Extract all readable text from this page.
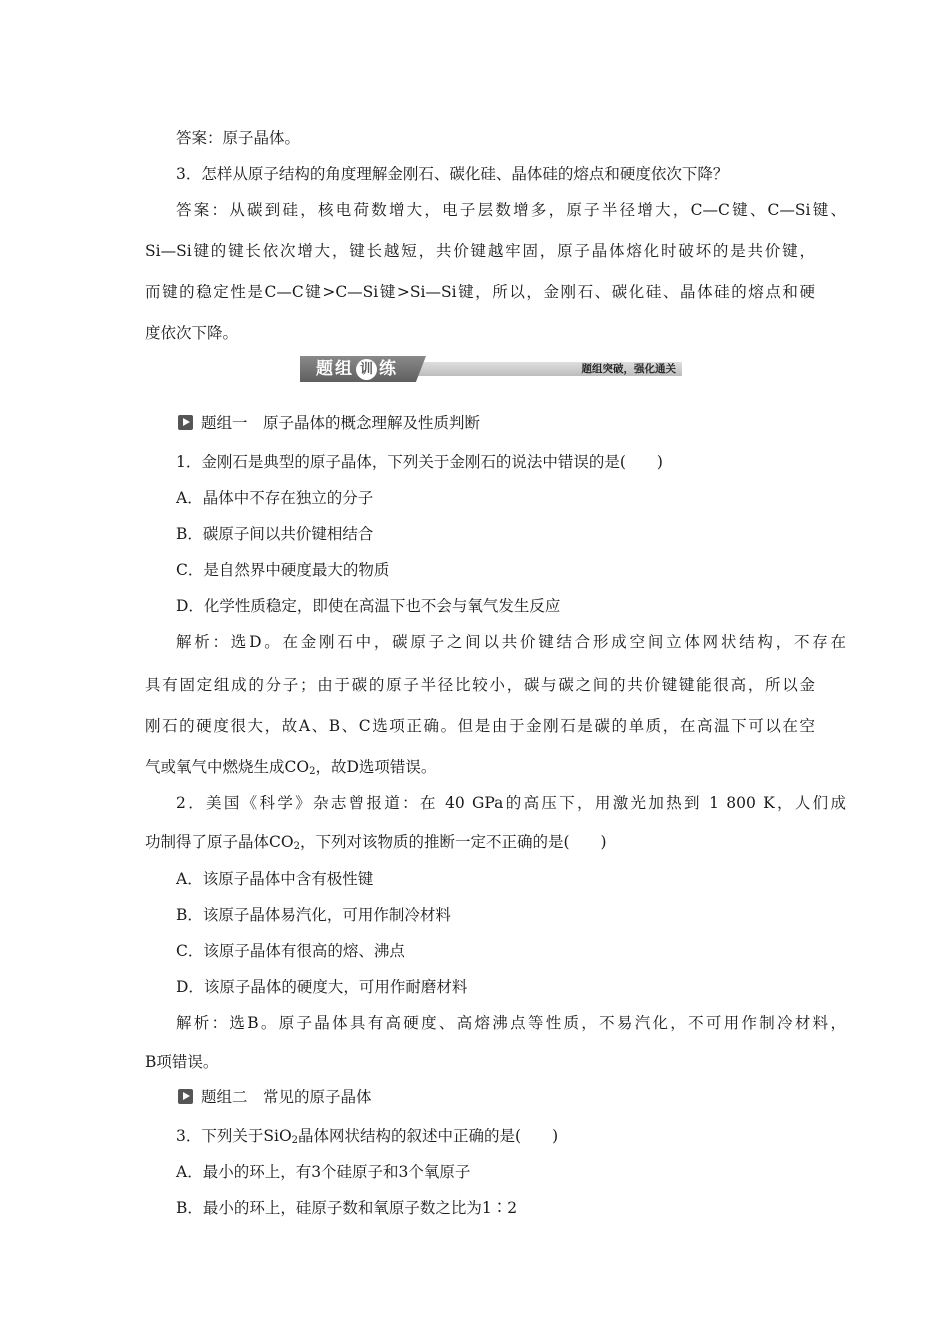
答案：原子晶体。
3．怎样从原子结构的角度理解金刚石、碳化硅、晶体硅的熔点和硬度依次下降？
答案：从碳到硅，核电荷数增大，电子层数增多，原子半径增大，C—C键、C—Si键、
Si—Si键的键长依次增大，键长越短，共价键越牢固，原子晶体熔化时破坏的是共价键，
而键的稳定性是C—C键>C—Si键>Si—Si键，所以，金刚石、碳化硅、晶体硅的熔点和硬
度依次下降。
题组突破，强化通关
题组 训 练
题组一　原子晶体的概念理解及性质判断
1．金刚石是典型的原子晶体，下列关于金刚石的说法中错误的是(　　)
A．晶体中不存在独立的分子
B．碳原子间以共价键相结合
C．是自然界中硬度最大的物质
D．化学性质稳定，即使在高温下也不会与氧气发生反应
解析：选D。在金刚石中，碳原子之间以共价键结合形成空间立体网状结构，不存在
具有固定组成的分子；由于碳的原子半径比较小，碳与碳之间的共价键键能很高，所以金
刚石的硬度很大，故A、B、C选项正确。但是由于金刚石是碳的单质，在高温下可以在空
气或氧气中燃烧生成$CO_2$，故D选项错误。
2．美国《科学》杂志曾报道：在 40 GPa的高压下，用激光加热到 1 800 K，人们成
功制得了原子晶体$CO_2$，下列对该物质的推断一定不正确的是(　　)
A．该原子晶体中含有极性键
B．该原子晶体易汽化，可用作制冷材料
C．该原子晶体有很高的熔、沸点
D．该原子晶体的硬度大，可用作耐磨材料
解析：选B。原子晶体具有高硬度、高熔沸点等性质，不易汽化，不可用作制冷材料，
B项错误。
题组二　常见的原子晶体
3．下列关于SiO$_2$晶体网状结构的叙述中正确的是(　　)
A．最小的环上，有3个硅原子和3个氧原子
B．最小的环上，硅原子数和氧原子数之比为1∶2
